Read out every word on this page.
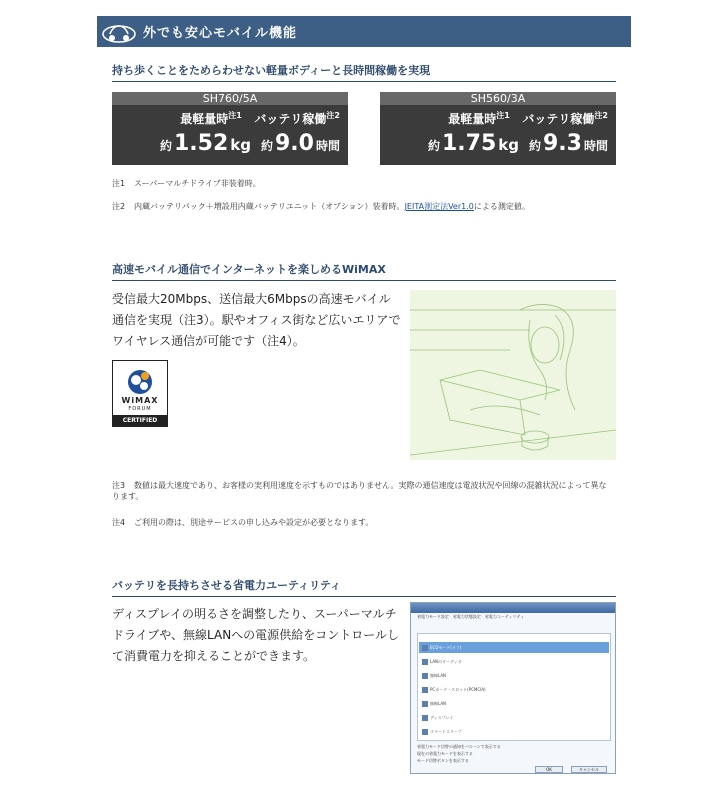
外でも安心モバイル機能
持ち歩くことをためらわせない軽量ボディーと長時間稼働を実現
SH760/5A
最軽量時$^{注1}$ バッテリ稼働$^{注2}$
約 1.52 kg 約 9.0 時間
SH560/3A
最軽量時$^{注1}$ バッテリ稼働$^{注2}$
約 1.75 kg 約 9.3 時間
注1 スーパーマルチドライブ非装着時。
注2 内蔵バッテリパック＋増設用内蔵バッテリユニット（オプション）装着時。JEITA測定法Ver1.0による測定値。
高速モバイル通信でインターネットを楽しめるWiMAX
受信最大20Mbps、送信最大6Mbpsの高速モバイル通信を実現（注3）。駅やオフィス街など広いエリアでワイヤレス通信が可能です（注4）。
WiMAX
FORUM
CERTIFIED
注3 数値は最大速度であり、お客様の実利用速度を示すものではありません。実際の通信速度は電波状況や回線の混雑状況によって異なります。
注4 ご利用の際は、別途サービスの申し込みや設定が必要となります。
バッテリを長持ちさせる省電力ユーティリティ
ディスプレイの明るさを調整したり、スーパーマルチドライブや、無線LANへの電源供給をコントロールして消費電力を抑えることができます。
省電力モード設定　省電力状態設定　省電力ユーティリティ
ECOモード(オフ)
LANのオーディオ
無線LAN
PCカード・スロット(PCMCIA)
無線LAN
ディスプレイ
スマートスリープ
省電力モード切替の通知をバルーンで表示する
現在の省電力モードを表示する
モード切替ボタンを表示する
OK	キャンセル
